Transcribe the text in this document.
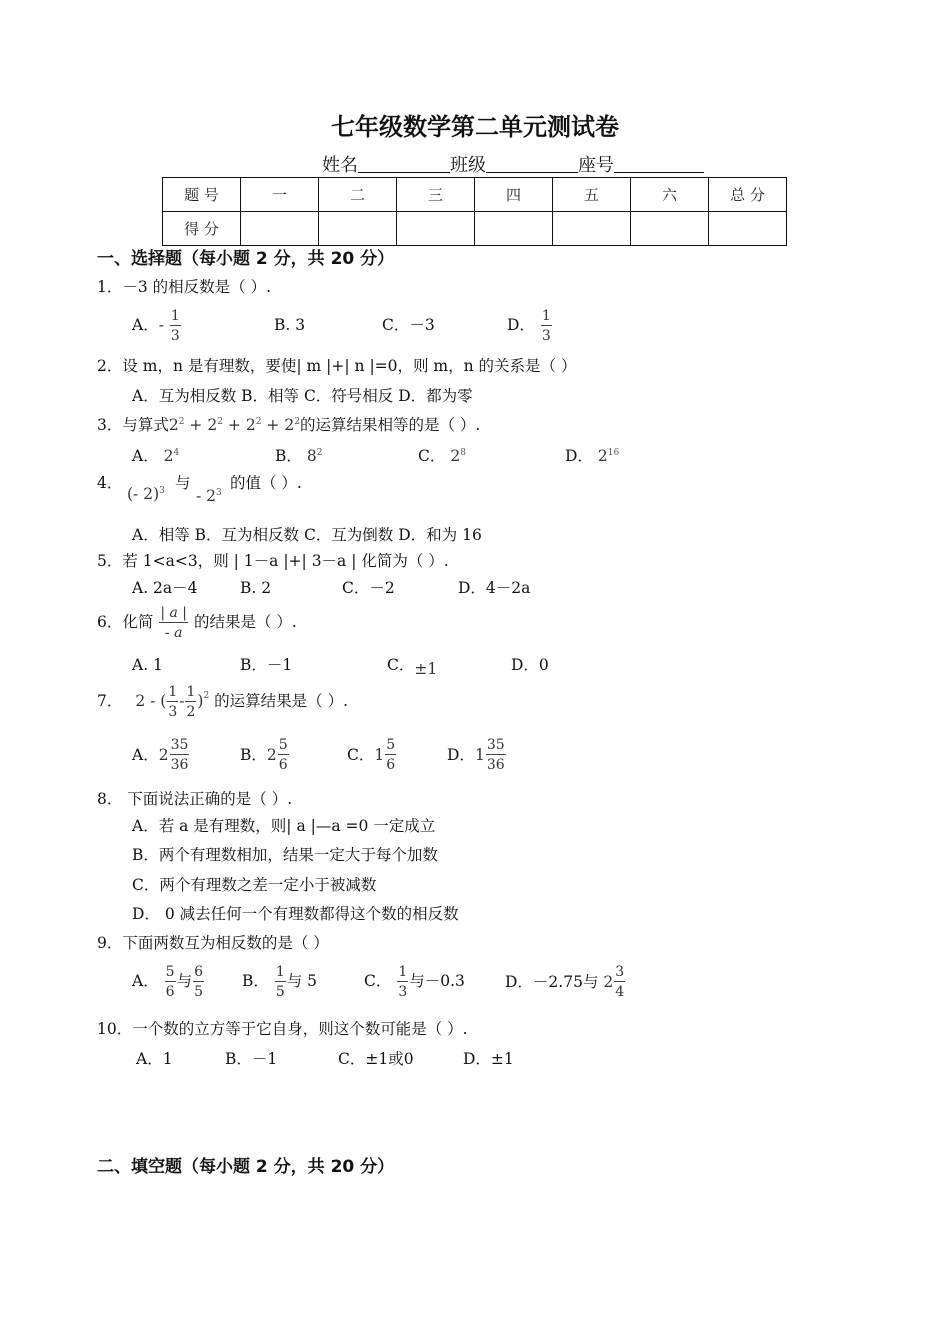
七年级数学第二单元测试卷
姓名	班级	座号
题 号	一	二	三	四	五	六	总 分
得 分							
一、选择题（每小题 2 分，共 20 分）
1．－3 的相反数是（ ）.
A．- $\frac{1}{3}$	B. 3	C．－3	D． $\frac{1}{3}$
2．设 m，n 是有理数，要使| m |+| n |=0，则 m，n 的关系是（ ）
A．互为相反数 B．相等 C．符号相反 D．都为零
3．与算式$2^2 + 2^2 + 2^2 + 2^2$的运算结果相等的是（ ）.
A． $2^4$	B． $8^2$	C． $2^8$	D． $2^{16}$
4．
(- 2)$^3$ 与
- $2^3$
的值（ ）.
A．相等 B．互为相反数 C．互为倒数 D．和为 16
5．若 1<a<3，则 | 1－a |+| 3－a | 化简为（ ）.
A. 2a－4	B. 2	C．－2	D．4－2a
6．化简 $\frac{| a |}{- a}$ 的结果是（ ）.
A. 1	B．－1	C．±1	D．0
7． 2 - ( $\frac{1}{3} - \frac{1}{2} )^2$ 的运算结果是（ ）.
A． $2 \frac{35}{36}$	B． $2 \frac{5}{6}$	C． $1 \frac{5}{6}$	D． $1 \frac{35}{36}$
8． 下面说法正确的是（ ）.
A．若 a 是有理数，则| a |—a =0 一定成立
B．两个有理数相加，结果一定大于每个加数
C．两个有理数之差一定小于被减数
D． 0 减去任何一个有理数都得这个数的相反数
9．下面两数互为相反数的是（ ）
A． $\frac{5}{6}$ 与 $\frac{6}{5}$ B． $\frac{1}{5}$ 与 5	C． $\frac{1}{3}$ 与－0.3	D．－2.75与 $2 \frac{3}{4}$
10．一个数的立方等于它自身，则这个数可能是（ ）.
A．1	B．－1	C．±1或0	D．±1
二、填空题（每小题 2 分，共 20 分）
